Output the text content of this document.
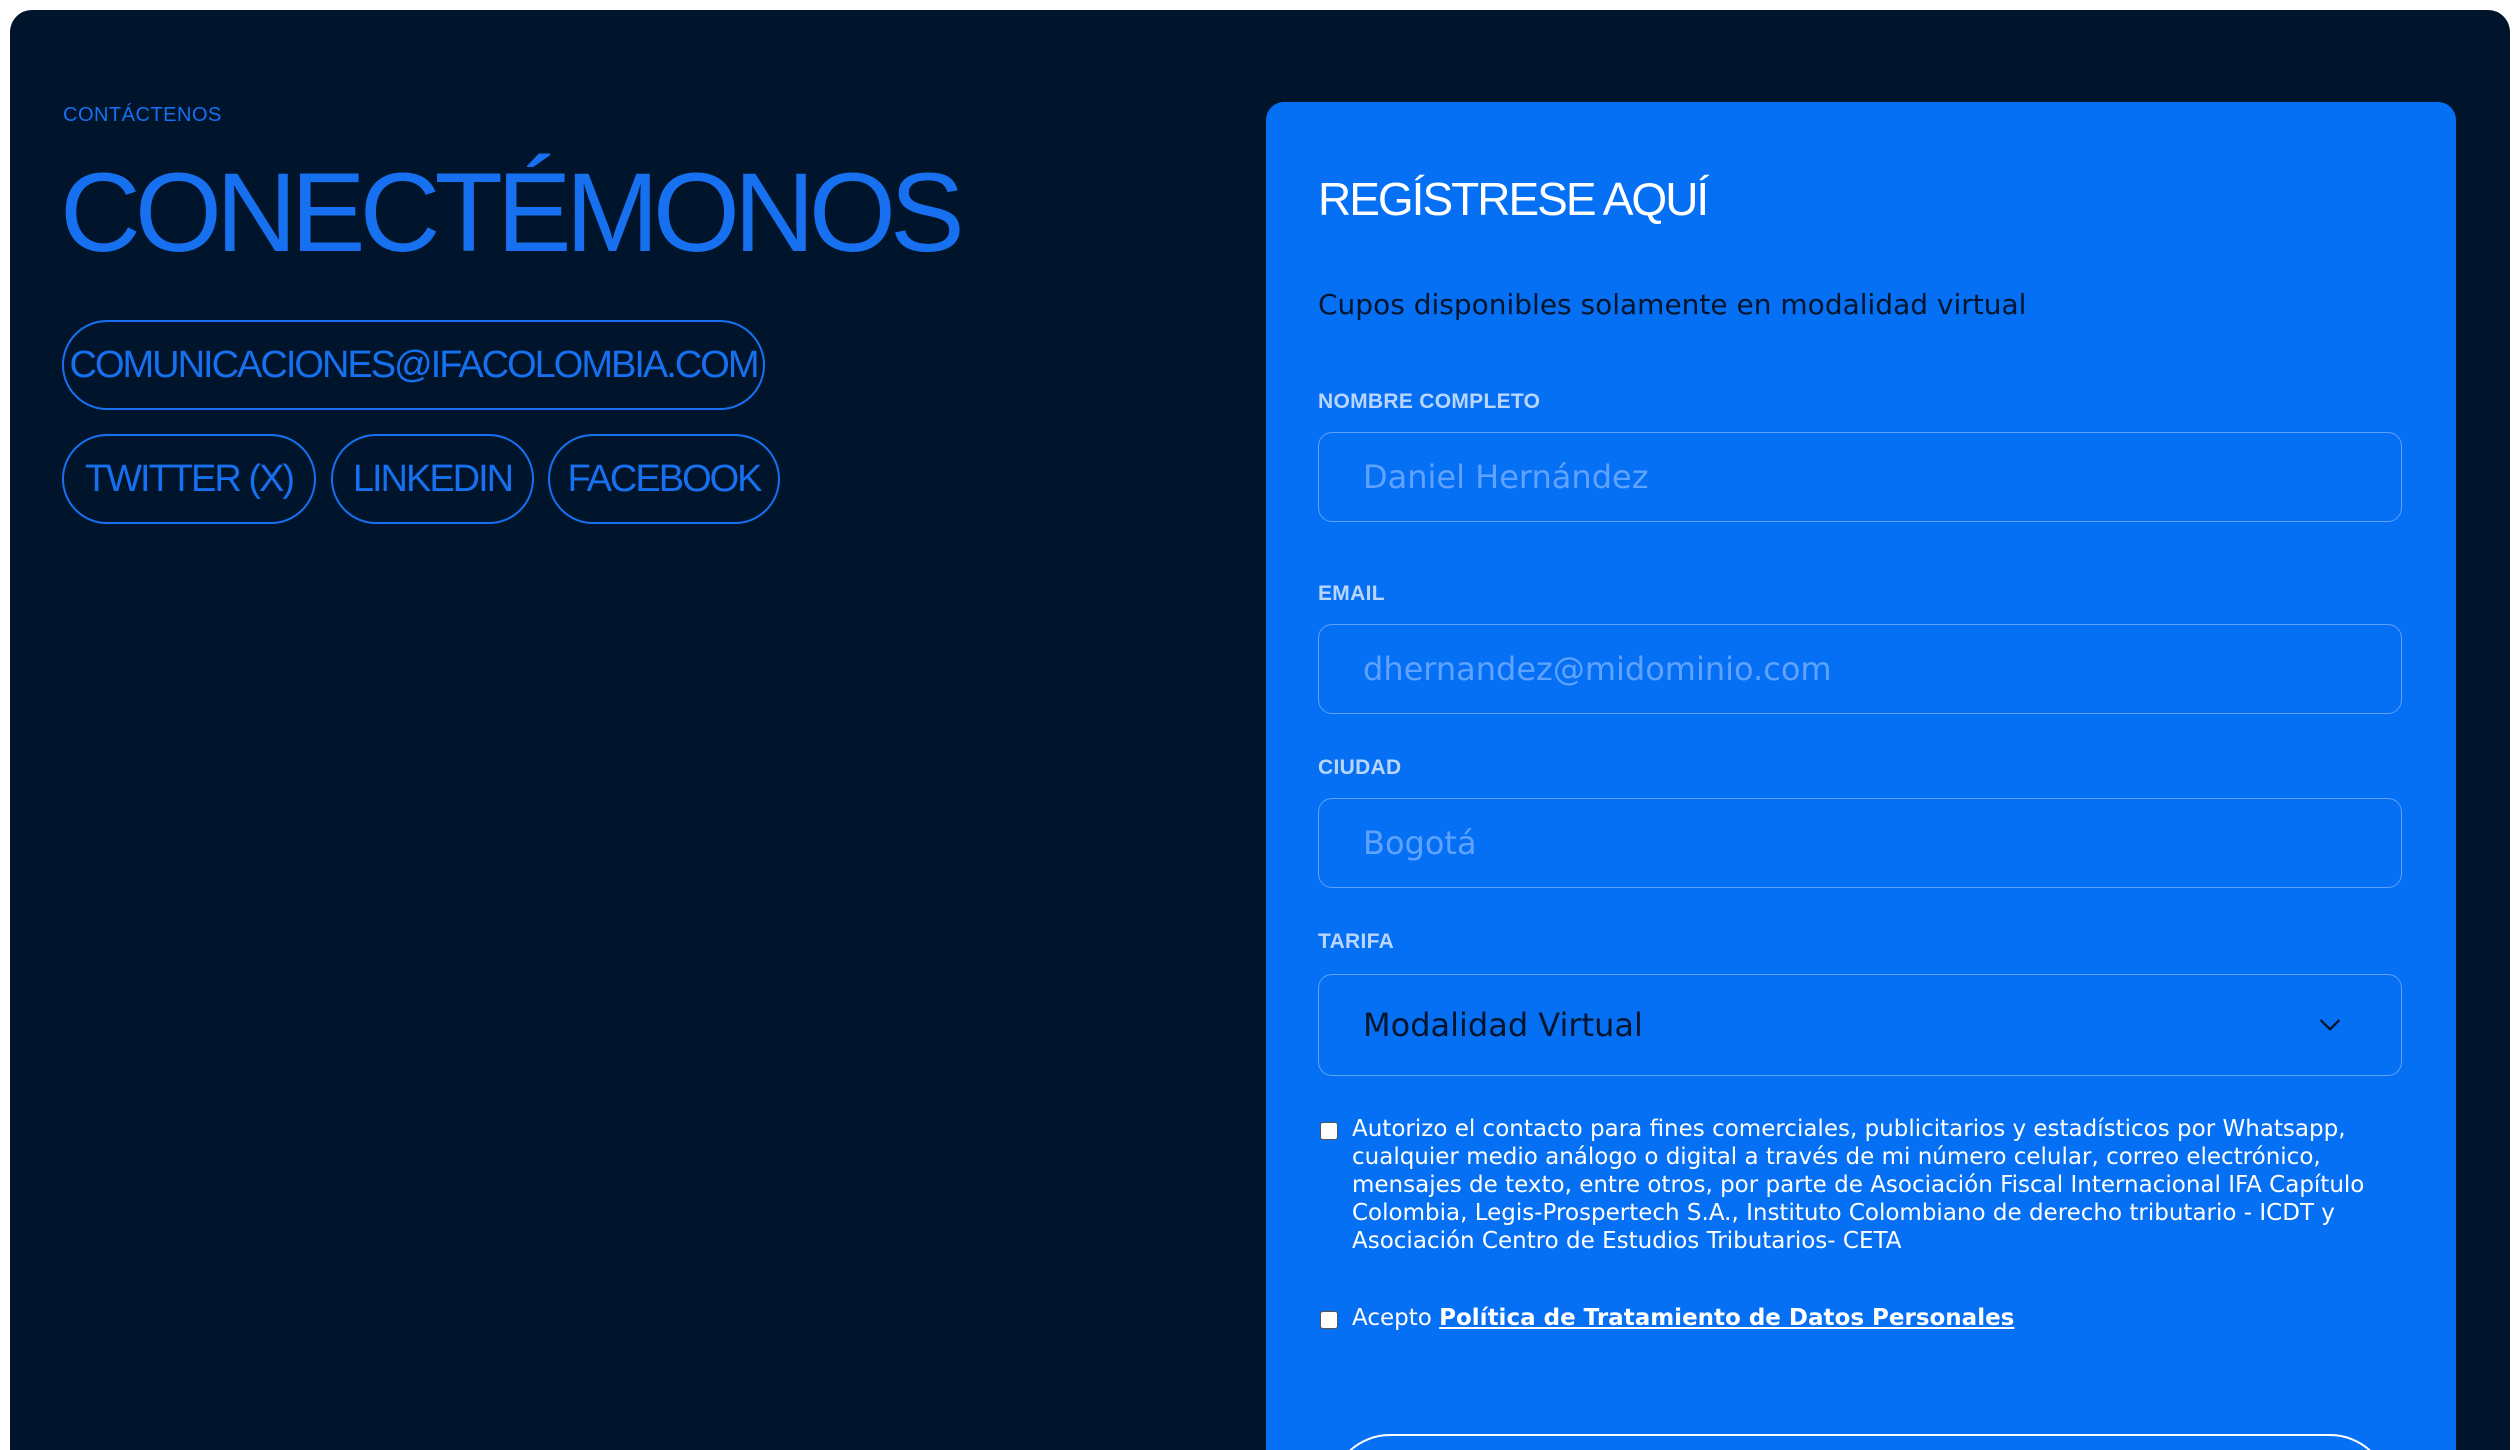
CONTÁCTENOS
CONECTÉMONOS
COMUNICACIONES@IFACOLOMBIA.COM
TWITTER (X)	LINKEDIN	FACEBOOK
REGÍSTRESE AQUÍ
Cupos disponibles solamente en modalidad virtual
NOMBRE COMPLETO
Daniel Hernández
EMAIL
dhernandez@midominio.com
CIUDAD
Bogotá
TARIFA
Modalidad Virtual
Autorizo el contacto para fines comerciales, publicitarios y estadísticos por Whatsapp, cualquier medio análogo o digital a través de mi número celular, correo electrónico, mensajes de texto, entre otros, por parte de Asociación Fiscal Internacional IFA Capítulo Colombia, Legis-Prospertech S.A., Instituto Colombiano de derecho tributario - ICDT y Asociación Centro de Estudios Tributarios- CETA
Acepto Política de Tratamiento de Datos Personales
